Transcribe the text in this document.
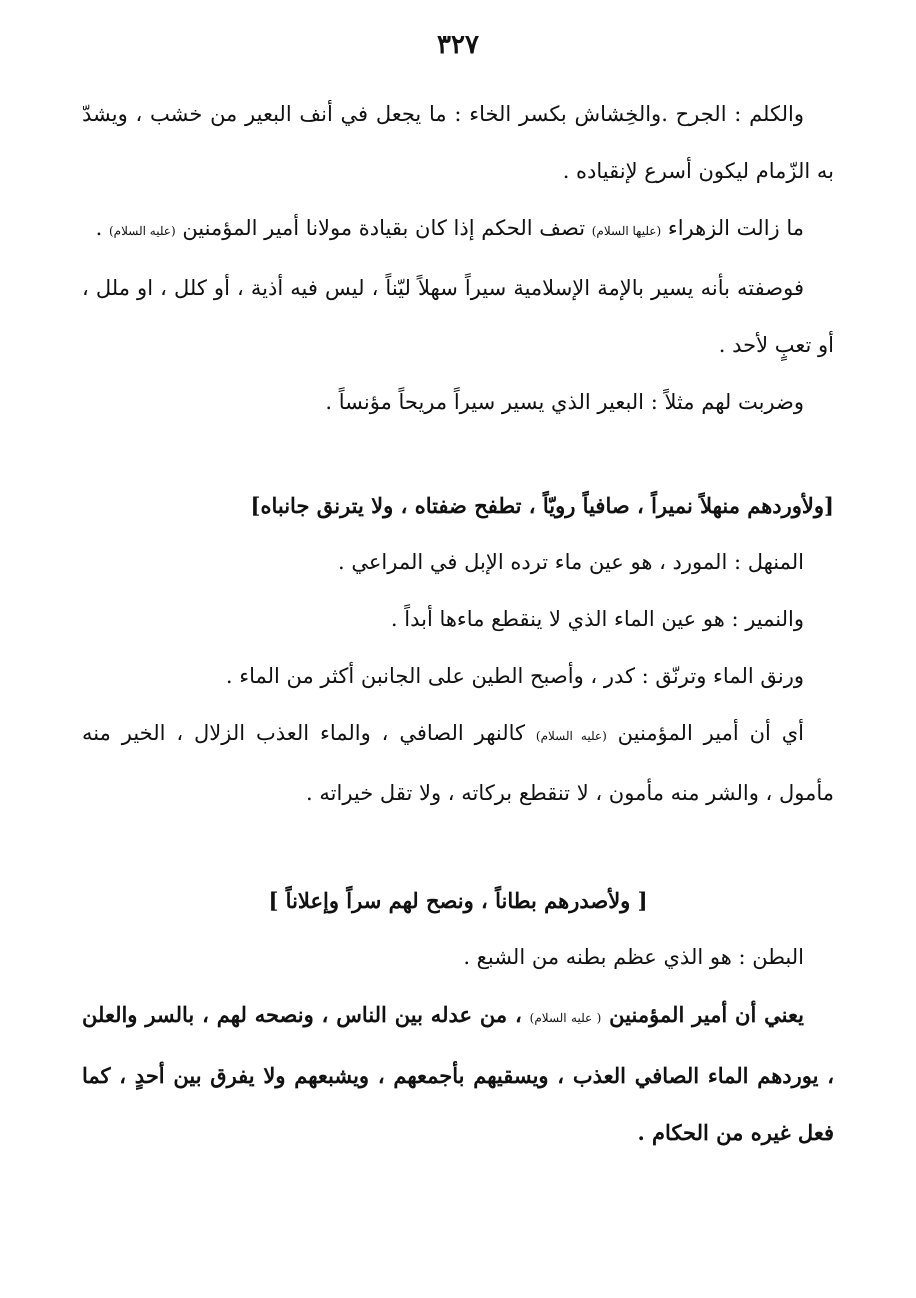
٣٢٧

والكلم : الجرح .والخِشاش بكسر الخاء : ما يجعل في أنف البعير من خشب ، ويشدّ به الزّمام ليكون أسرع لإنقياده .

ما زالت الزهراء (عليها السلام) تصف الحكم إذا كان بقيادة مولانا أمير المؤمنين (عليه السلام) .

فوصفته بأنه يسير بالإمة الإسلامية سيراً سهلاً ليّناً ، ليس فيه أذية ، أو كلل ، او ملل ، أو تعبٍ لأحد .

وضربت لهم مثلاً : البعير الذي يسير سيراً مريحاً مؤنساً .

[ولأوردهم منهلاً نميراً ، صافياً رويّاً ، تطفح ضفتاه ، ولا يترنق جانباه]

المنهل : المورد ، هو عين ماء ترده الإبل في المراعي .

والنمير : هو عين الماء الذي لا ينقطع ماءها أبداً .

ورنق الماء وترنّق : كدر ، وأصبح الطين على الجانبن أكثر من الماء .

أي أن أمير المؤمنين (عليه السلام) كالنهر الصافي ، والماء العذب الزلال ، الخير منه مأمول ، والشر منه مأمون ، لا تنقطع بركاته ، ولا تقل خيراته .

[ ولأصدرهم بطاناً ، ونصح لهم سراً وإعلاناً ]

البطن : هو الذي عظم بطنه من الشبع .

يعني أن أمير المؤمنين ( عليه السلام) ، من عدله بين الناس ، ونصحه لهم ، بالسر والعلن ، يوردهم الماء الصافي العذب ، ويسقيهم بأجمعهم ، ويشبعهم ولا يفرق بين أحدٍ ، كما فعل غيره من الحكام .
